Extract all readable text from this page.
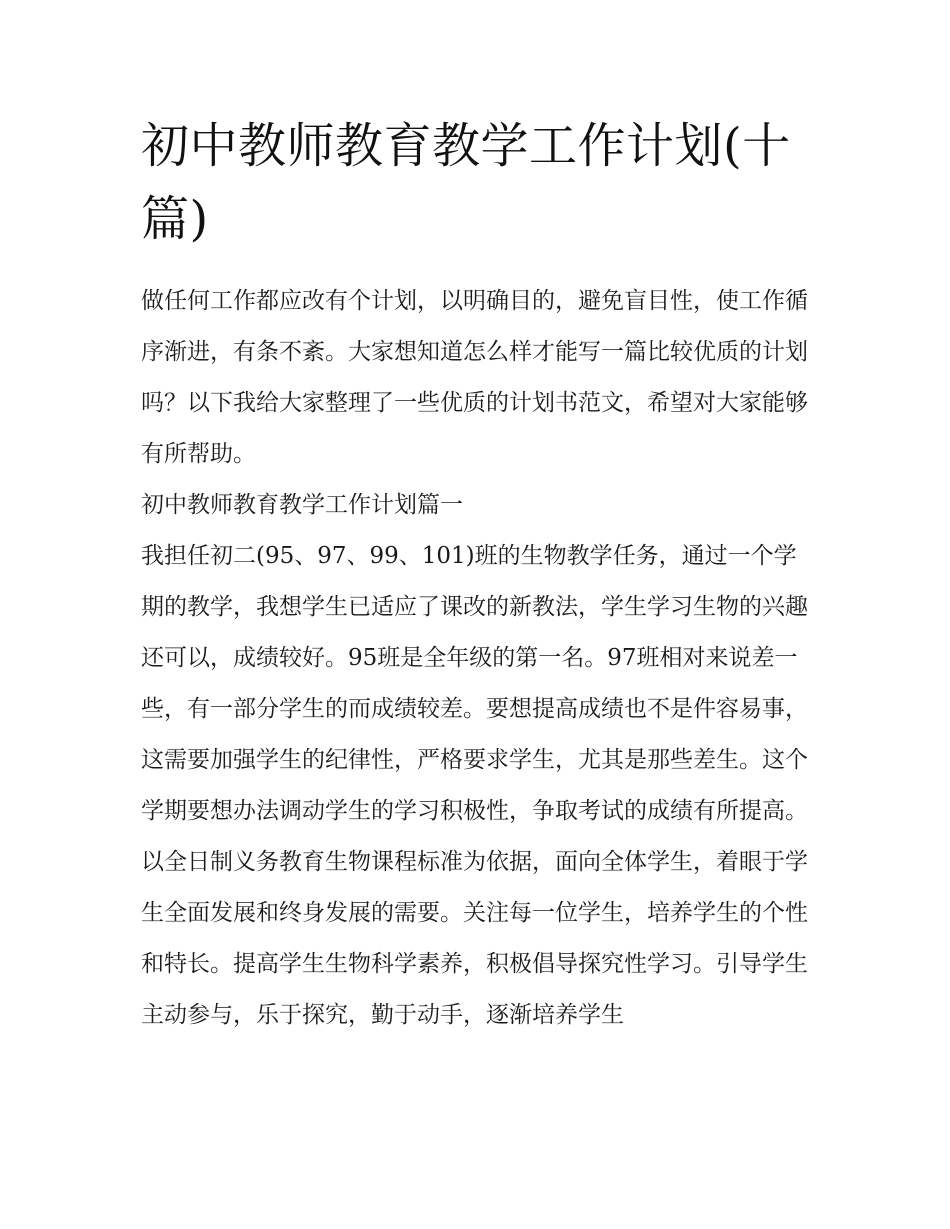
初中教师教育教学工作计划(十篇)

做任何工作都应改有个计划，以明确目的，避免盲目性，使工作循序渐进，有条不紊。大家想知道怎么样才能写一篇比较优质的计划吗？以下我给大家整理了一些优质的计划书范文，希望对大家能够有所帮助。

初中教师教育教学工作计划篇一

我担任初二(95、97、99、101)班的生物教学任务，通过一个学期的教学，我想学生已适应了课改的新教法，学生学习生物的兴趣还可以，成绩较好。95班是全年级的第一名。97班相对来说差一些，有一部分学生的而成绩较差。要想提高成绩也不是件容易事，这需要加强学生的纪律性，严格要求学生，尤其是那些差生。这个学期要想办法调动学生的学习积极性，争取考试的成绩有所提高。

以全日制义务教育生物课程标准为依据，面向全体学生，着眼于学生全面发展和终身发展的需要。关注每一位学生，培养学生的个性和特长。提高学生生物科学素养，积极倡导探究性学习。引导学生主动参与，乐于探究，勤于动手，逐渐培养学生
